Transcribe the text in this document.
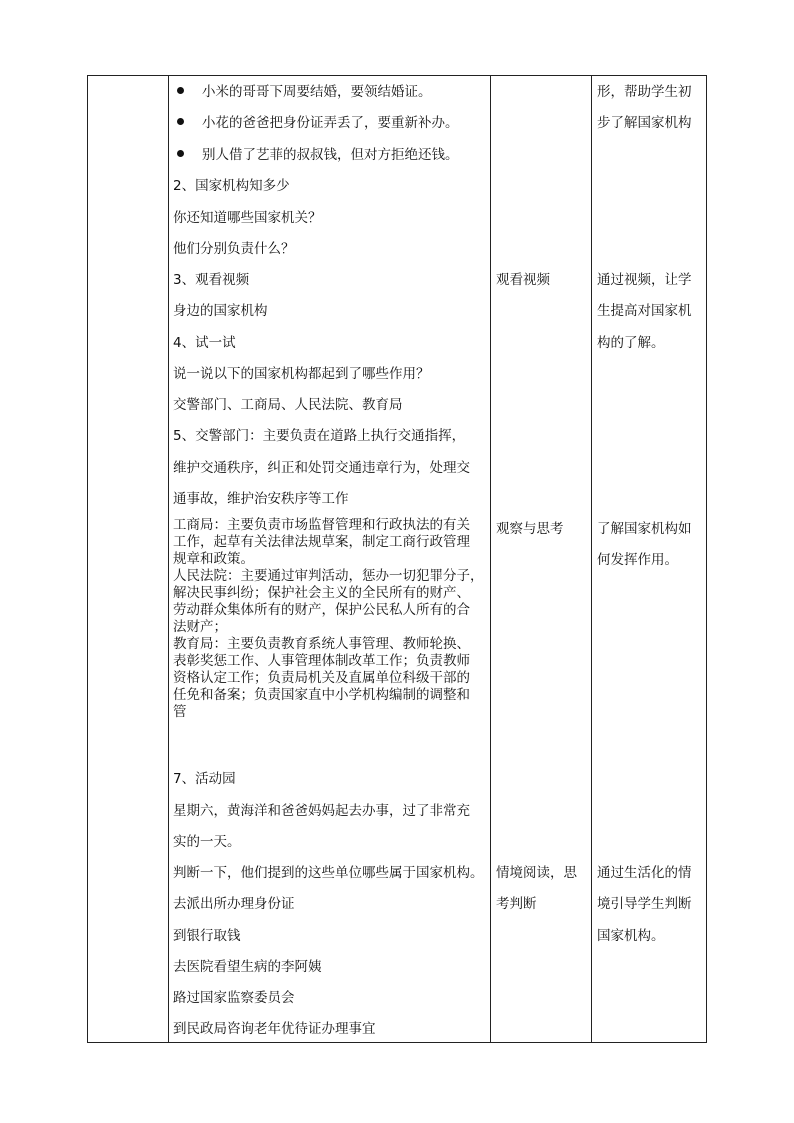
小米的哥哥下周要结婚，要领结婚证。
小花的爸爸把身份证弄丢了，要重新补办。
别人借了艺菲的叔叔钱，但对方拒绝还钱。
2、国家机构知多少
你还知道哪些国家机关？
他们分别负责什么？
3、观看视频
身边的国家机构
4、试一试
说一说以下的国家机构都起到了哪些作用？
交警部门、工商局、人民法院、教育局
5、交警部门：主要负责在道路上执行交通指挥，
维护交通秩序，纠正和处罚交通违章行为，处理交
通事故，维护治安秩序等工作
工商局：主要负责市场监督管理和行政执法的有关
工作，起草有关法律法规草案，制定工商行政管理
规章和政策。
人民法院：主要通过审判活动，惩办一切犯罪分子，
解决民事纠纷；保护社会主义的全民所有的财产、
劳动群众集体所有的财产，保护公民私人所有的合
法财产；
教育局：主要负责教育系统人事管理、教师轮换、
表彰奖惩工作、人事管理体制改革工作；负责教师
资格认定工作；负责局机关及直属单位科级干部的
任免和备案；负责国家直中小学机构编制的调整和
管
7、活动园
星期六，黄海洋和爸爸妈妈起去办事，过了非常充
实的一天。
判断一下，他们提到的这些单位哪些属于国家机构。
去派出所办理身份证
到银行取钱
去医院看望生病的李阿姨
路过国家监察委员会
到民政局咨询老年优待证办理事宜
观看视频
观察与思考
情境阅读，思
考判断
形，帮助学生初
步了解国家机构
通过视频，让学
生提高对国家机
构的了解。
了解国家机构如
何发挥作用。
通过生活化的情
境引导学生判断
国家机构。
